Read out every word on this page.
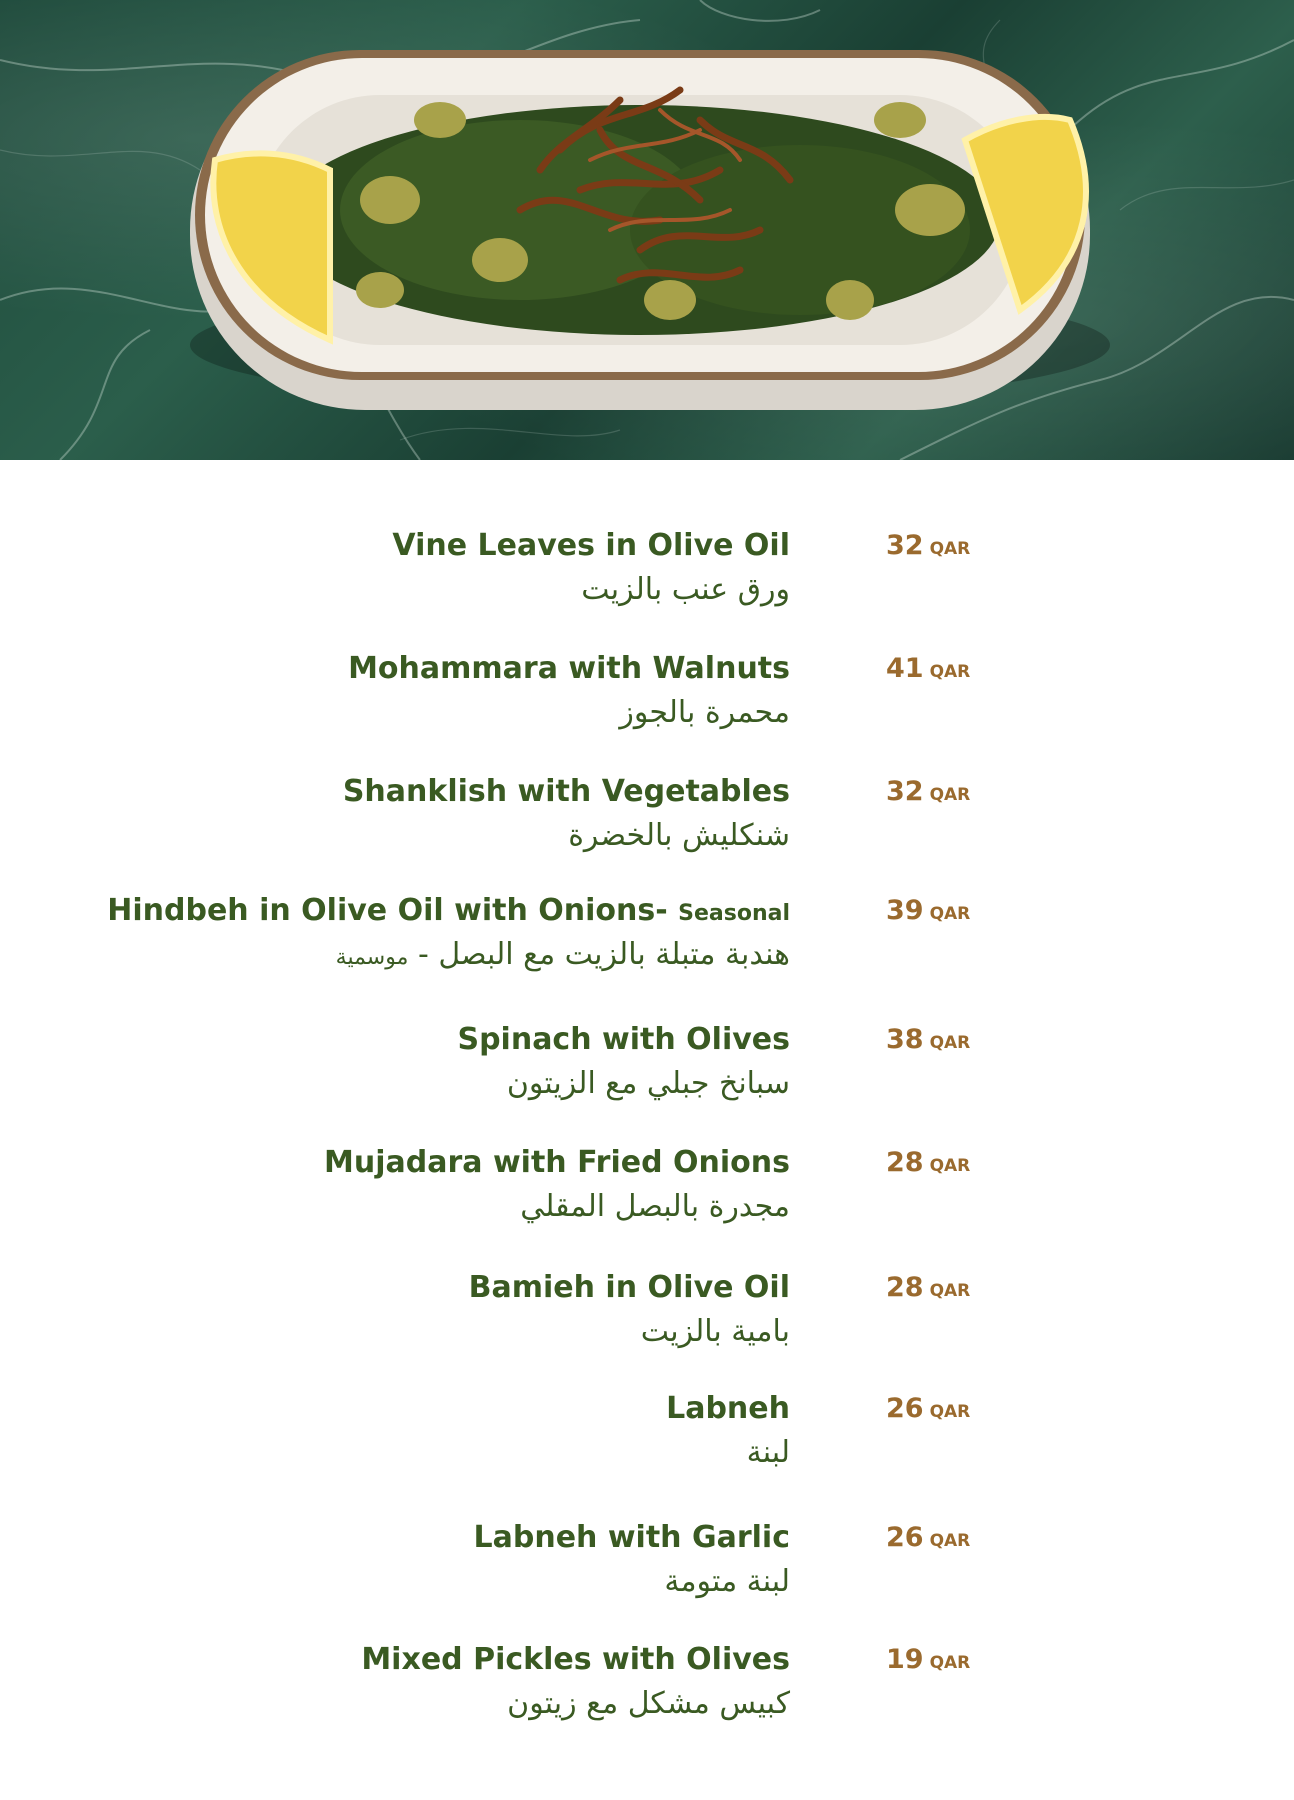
Vine Leaves in Olive Oil
ورق عنب بالزيت
32 QAR
Mohammara with Walnuts
محمرة بالجوز
41 QAR
Shanklish with Vegetables
شنكليش بالخضرة
32 QAR
Hindbeh in Olive Oil with Onions- Seasonal
هندبة متبلة بالزيت مع البصل - موسمية
39 QAR
Spinach with Olives
سبانخ جبلي مع الزيتون
38 QAR
Mujadara with Fried Onions
مجدرة بالبصل المقلي
28 QAR
Bamieh in Olive Oil
بامية بالزيت
28 QAR
Labneh
لبنة
26 QAR
Labneh with Garlic
لبنة متومة
26 QAR
Mixed Pickles with Olives
كبيس مشكل مع زيتون
19 QAR
